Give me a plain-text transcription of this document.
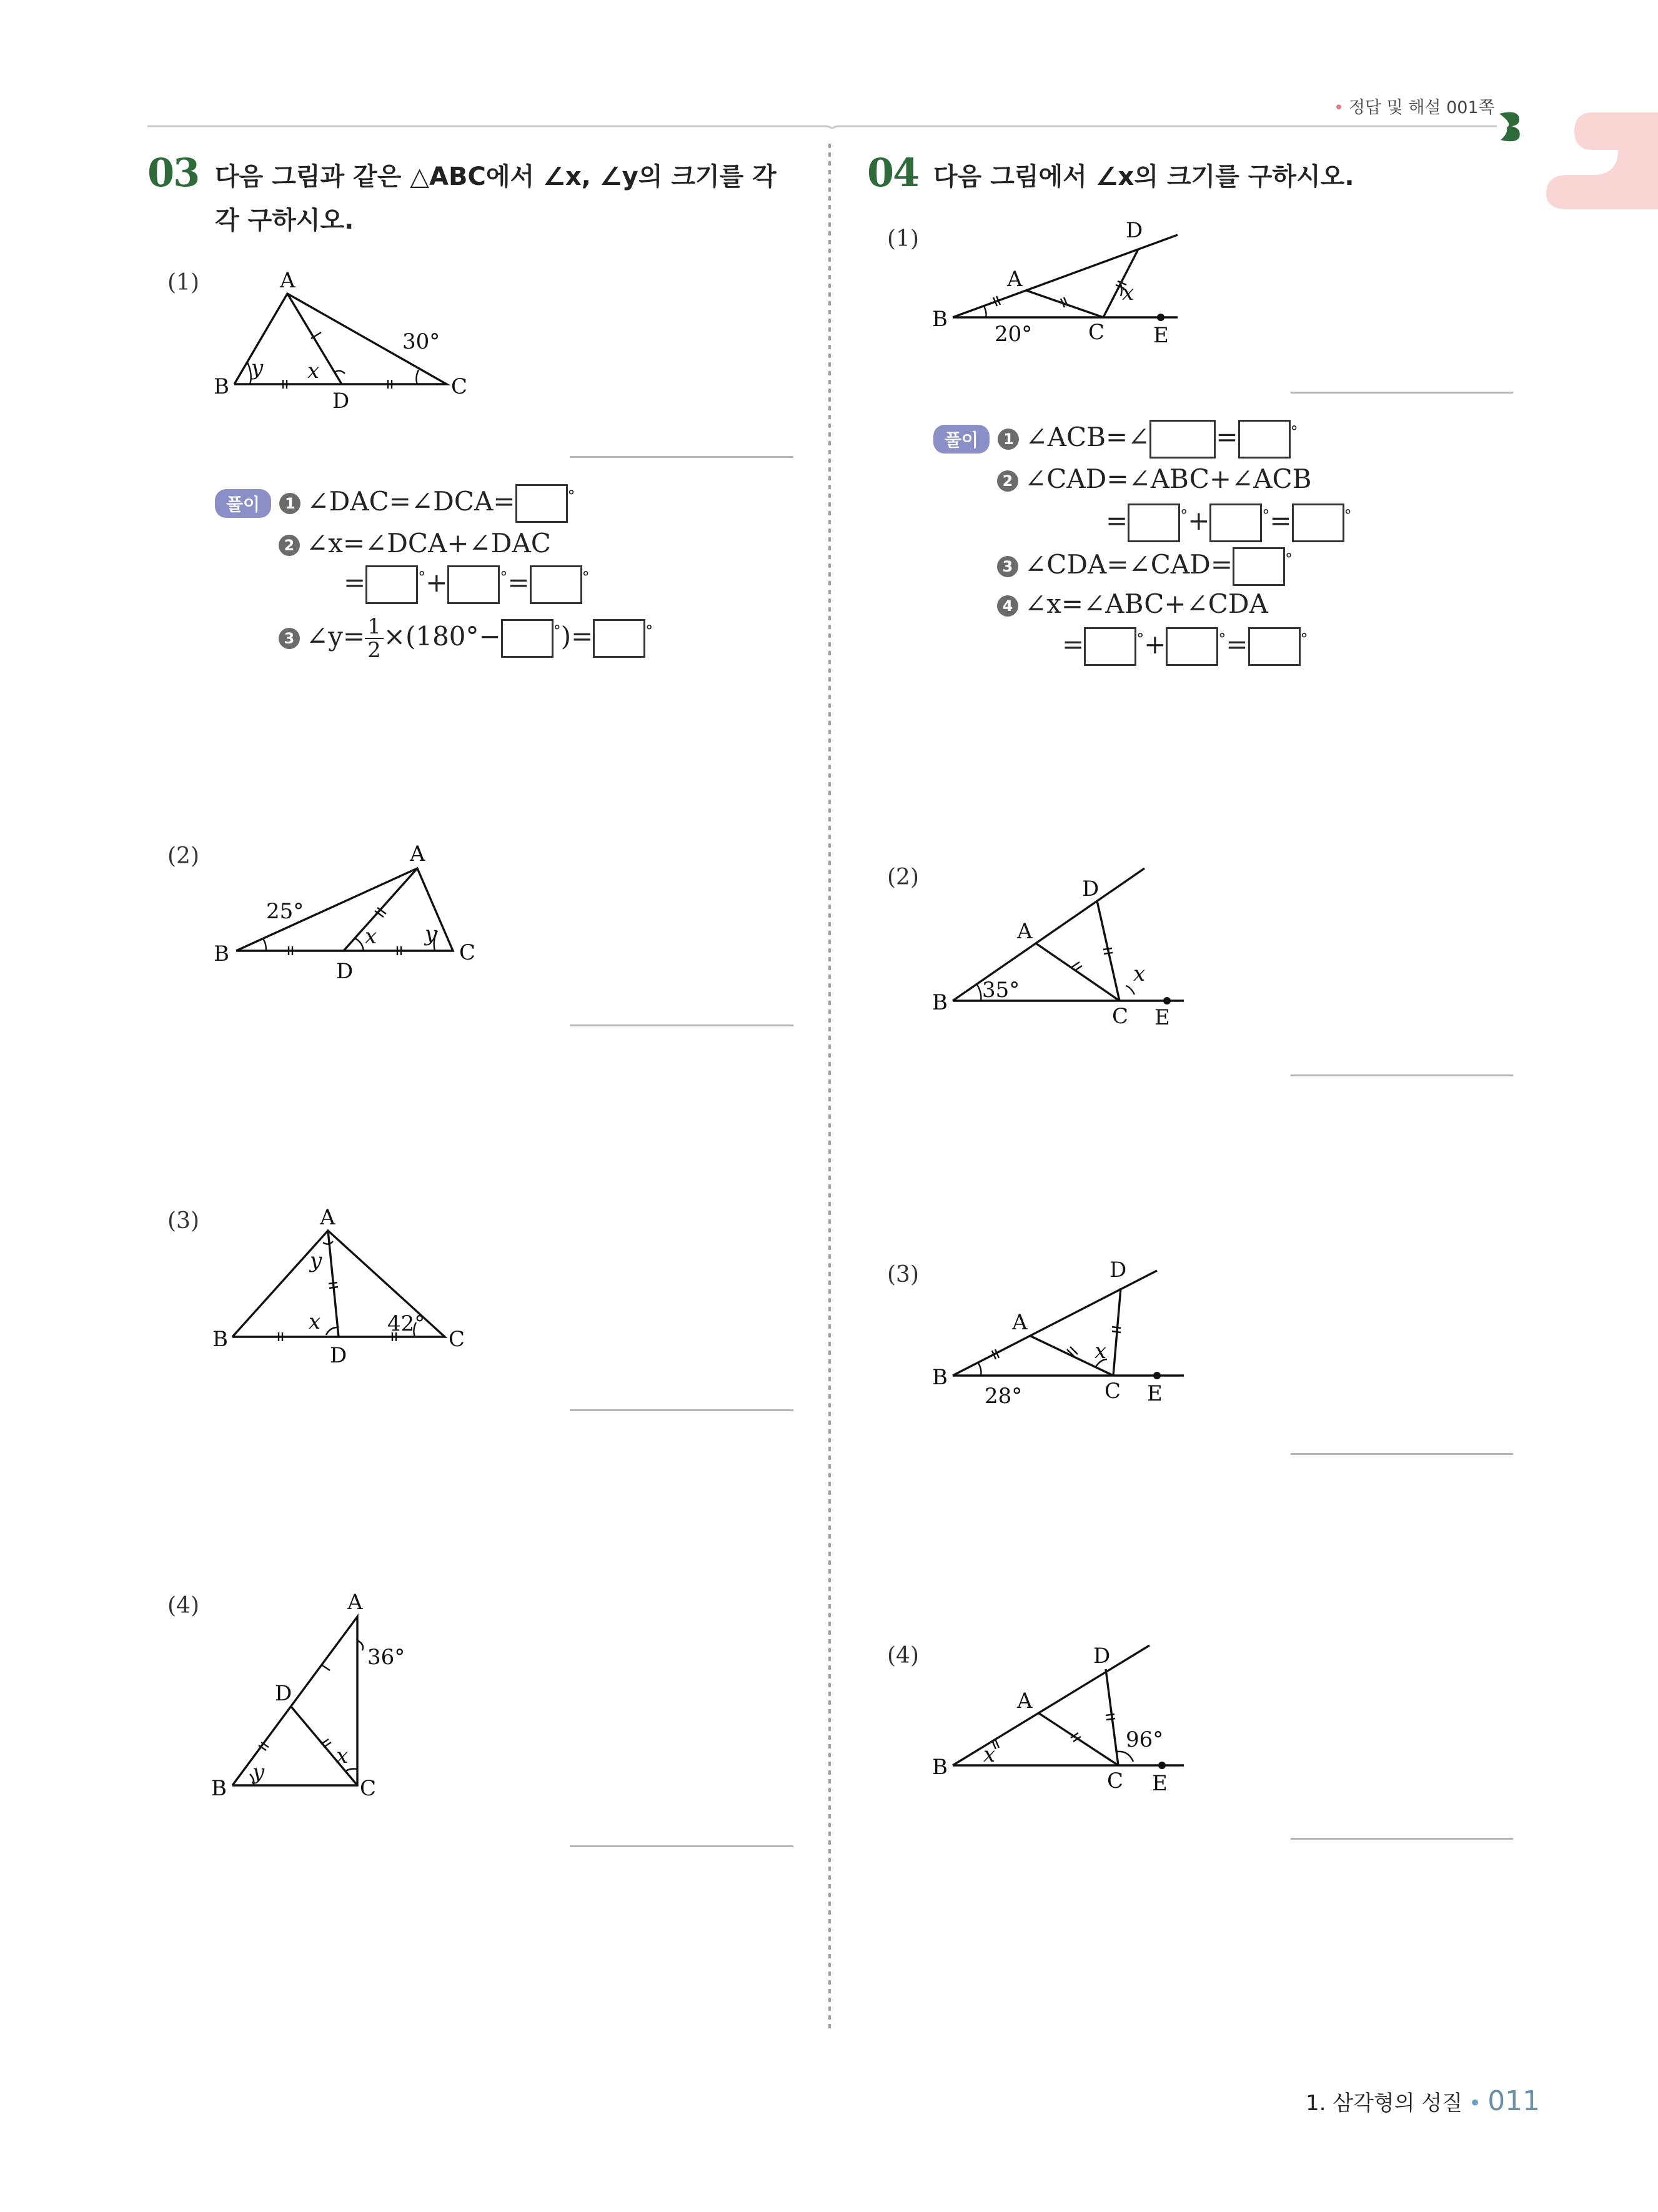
• 정답 및 해설 001쪽
03 다음 그림과 같은 △ABC에서 ∠x, ∠y의 크기를 각
각 구하시오.
(1)	A
B	C
D
y x
30°
풀이 1 ∠DAC=∠DCA=	°
2 ∠x=∠DCA+∠DAC
=	°+	°=	°
3 ∠y= $\frac{1}{2} \times(180^\circ-$	°)=	°
(2)	A
B	C
D
x y
25°
(3)	A
B	C
D
y
x	42°
(4)	A
B	C
D
x
y
36°
04 다음 그림에서 ∠x의 크기를 구하시오.
(1)
A
B
C
D
E
x
20°
풀이 1 ∠ACB=∠	=	°
2 ∠CAD=∠ABC+∠ACB
=	°+	°=	°
3 ∠CDA=∠CAD=	°
4 ∠x=∠ABC+∠CDA
=	°+	°=	°
(2)
A
B
C
D
E
x
35°
(3)
A
B
C
D
E
x
28°
(4)
A
B
C
D
E
x
96°
1. 삼각형의 성질 • 011
